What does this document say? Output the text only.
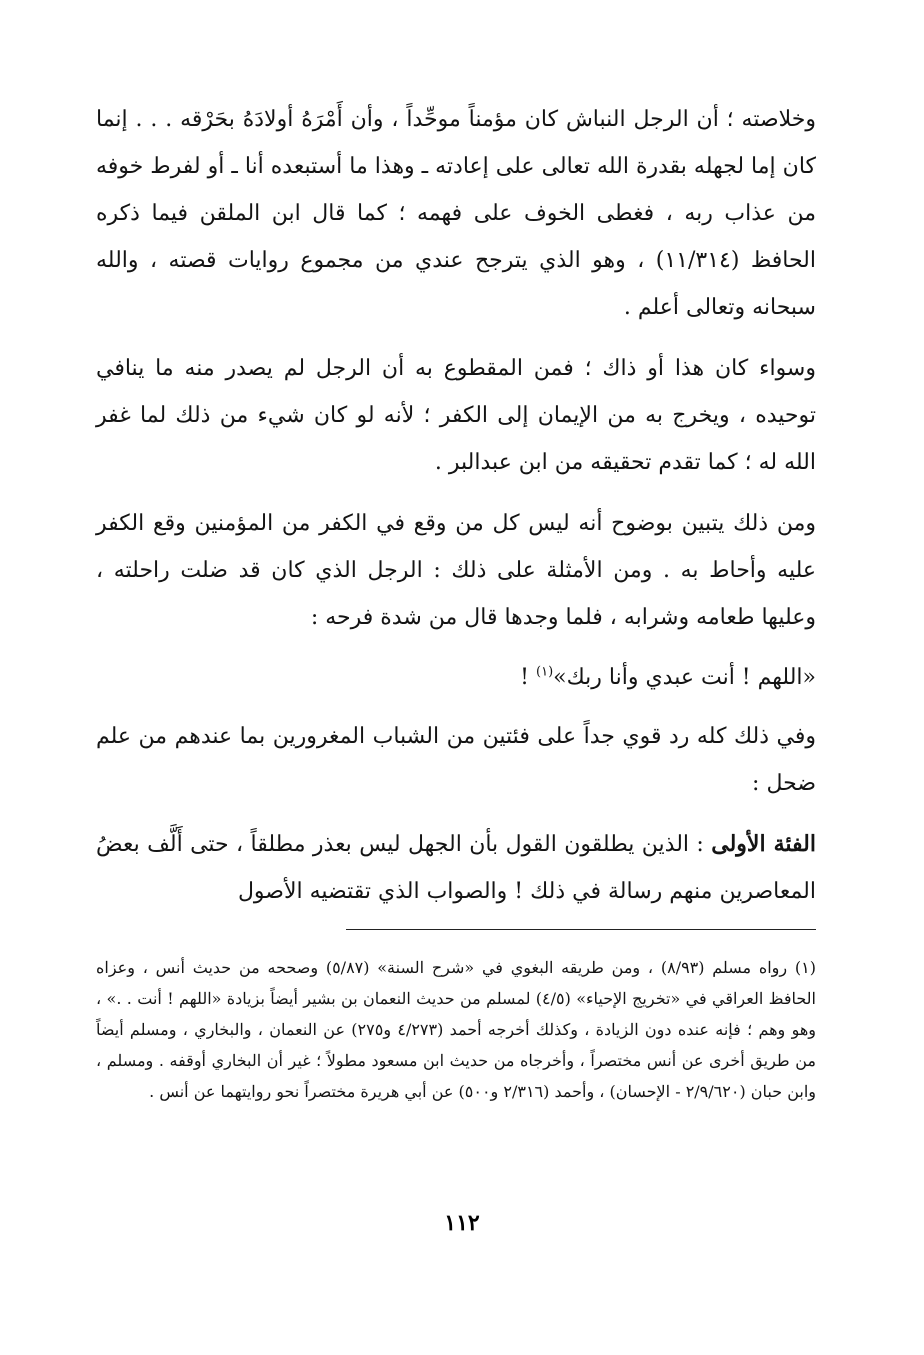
وخلاصته ؛ أن الرجل النباش كان مؤمناً موحِّداً ، وأن أَمْرَهُ أولادَهُ بحَرْقه . . . إنما كان إما لجهله بقدرة الله تعالى على إعادته ـ وهذا ما أستبعده أنا ـ أو لفرط خوفه من عذاب ربه ، فغطى الخوف على فهمه ؛ كما قال ابن الملقن فيما ذكره الحافظ (١١/٣١٤) ، وهو الذي يترجح عندي من مجموع روايات قصته ، والله سبحانه وتعالى أعلم .

وسواء كان هذا أو ذاك ؛ فمن المقطوع به أن الرجل لم يصدر منه ما ينافي توحيده ، ويخرج به من الإيمان إلى الكفر ؛ لأنه لو كان شيء من ذلك لما غفر الله له ؛ كما تقدم تحقيقه من ابن عبدالبر .

ومن ذلك يتبين بوضوح أنه ليس كل من وقع في الكفر من المؤمنين وقع الكفر عليه وأحاط به . ومن الأمثلة على ذلك : الرجل الذي كان قد ضلت راحلته ، وعليها طعامه وشرابه ، فلما وجدها قال من شدة فرحه :

«اللهم ! أنت عبدي وأنا ربك»$^{(١)}$ !

وفي ذلك كله رد قوي جداً على فئتين من الشباب المغرورين بما عندهم من علم ضحل :

الفئة الأولى : الذين يطلقون القول بأن الجهل ليس بعذر مطلقاً ، حتى أَلَّف بعضُ المعاصرين منهم رسالة في ذلك ! والصواب الذي تقتضيه الأصول

(١) رواه مسلم (٨/٩٣) ، ومن طريقه البغوي في «شرح السنة» (٥/٨٧) وصححه من حديث أنس ، وعزاه الحافظ العراقي في «تخريج الإحياء» (٤/٥) لمسلم من حديث النعمان بن بشير أيضاً بزيادة «اللهم ! أنت . .» ، وهو وهم ؛ فإنه عنده دون الزيادة ، وكذلك أخرجه أحمد (٤/٢٧٣ و٢٧٥) عن النعمان ، والبخاري ، ومسلم أيضاً من طريق أخرى عن أنس مختصراً ، وأخرجاه من حديث ابن مسعود مطولاً ؛ غير أن البخاري أوقفه . ومسلم ، وابن حبان (٢/٩/٦٢٠ - الإحسان) ، وأحمد (٢/٣١٦ و٥٠٠) عن أبي هريرة مختصراً نحو روايتهما عن أنس .

١١٢
